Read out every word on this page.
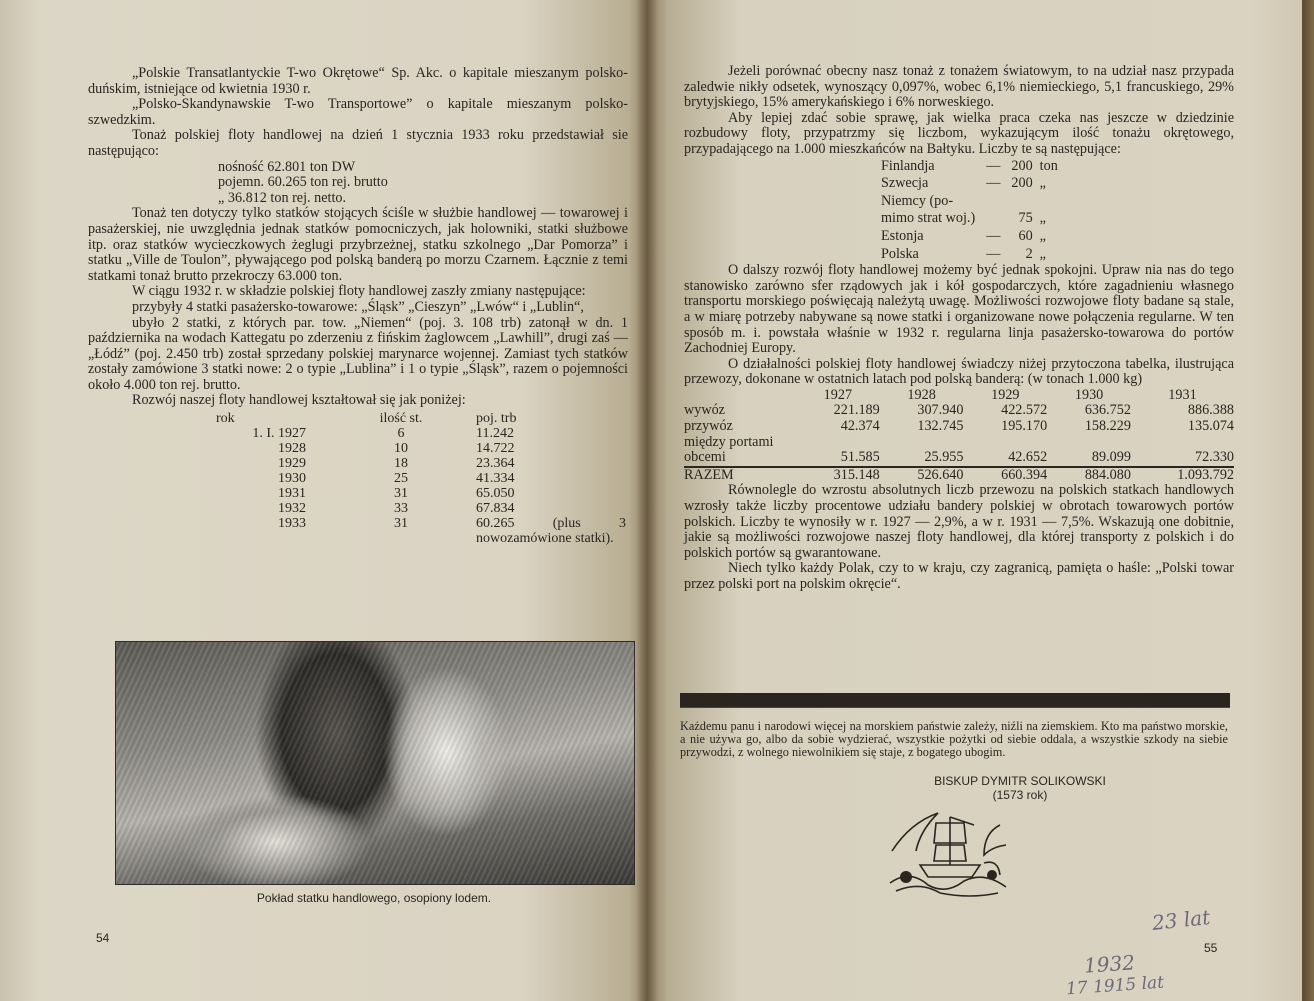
„Polskie Transatlantyckie T-wo Okrętowe“ Sp. Akc. o kapitale mieszanym polsko-duńskim, istniejące od kwietnia 1930 r.

„Polsko-Skandynawskie T-wo Transportowe” o kapitale mieszanym polsko-szwedzkim.

Tonaż polskiej floty handlowej na dzień 1 stycznia 1933 roku przedstawiał sie następująco:

nośność 62.801 ton DW
pojemn. 60.265 ton rej. brutto
„ 36.812 ton rej. netto.

Tonaż ten dotyczy tylko statków stojących ściśle w służbie handlowej — towarowej i pasażerskiej, nie uwzględnia jednak statków pomocniczych, jak holowniki, statki służbowe itp. oraz statków wycieczkowych żeglugi przybrzeżnej, statku szkolnego „Dar Pomorza” i statku „Ville de Toulon”, pływającego pod polską banderą po morzu Czarnem. Łącznie z temi statkami tonaż brutto przekroczy 63.000 ton.

W ciągu 1932 r. w składzie polskiej floty handlowej zaszły zmiany następujące:

przybyły 4 statki pasażersko-towarowe: „Śląsk” „Cieszyn” „Lwów“ i „Lublin“,

ubyło 2 statki, z których par. tow. „Niemen“ (poj. 3. 108 trb) zatonął w dn. 1 października na wodach Kattegatu po zderzeniu z fińskim żaglowcem „Lawhill”, drugi zaś — „Łódź” (poj. 2.450 trb) został sprzedany polskiej marynarce wojennej. Zamiast tych statków zostały zamówione 3 statki nowe: 2 o typie „Lublina” i 1 o typie „Śląsk”, razem o pojemności około 4.000 ton rej. brutto.

Rozwój naszej floty handlowej kształtował się jak poniżej:

rok	ilość st.	poj. trb
1. I. 1927	6	11.242
1928	10	14.722
1929	18	23.364
1930	25	41.334
1931	31	65.050
1932	33	67.834
1933	31	60.265 (plus 3 nowozamówione statki).
Pokład statku handlowego, osopiony lodem.
54

Jeżeli porównać obecny nasz tonaż z tonażem światowym, to na udział nasz przypada zaledwie nikły odsetek, wynoszący 0,097%, wobec 6,1% niemieckiego, 5,1 francuskiego, 29% brytyjskiego, 15% amerykańskiego i 6% norweskiego.

Aby lepiej zdać sobie sprawę, jak wielka praca czeka nas jeszcze w dziedzinie rozbudowy floty, przypatrzmy się liczbom, wykazującym ilość tonażu okrętowego, przypadającego na 1.000 mieszkańców na Bałtyku. Liczby te są następujące:

Finlandja	—	200	ton
Szwecja	—	200	„
Niemcy (po-			
mimo strat woj.)		75	„
Estonja	—	60	„
Polska	—	2	„

O dalszy rozwój floty handlowej możemy być jednak spokojni. Upraw nia nas do tego stanowisko zarówno sfer rządowych jak i kół gospodarczych, które zagadnieniu własnego transportu morskiego poświęcają należytą uwagę. Możliwości rozwojowe floty badane są stale, a w miarę potrzeby nabywane są nowe statki i organizowane nowe połączenia regularne. W ten sposób m. i. powstała właśnie w 1932 r. regularna linja pasażersko-towarowa do portów Zachodniej Europy.

O działalności polskiej floty handlowej świadczy niżej przytoczona tabelka, ilustrująca przewozy, dokonane w ostatnich latach pod polską banderą: (w tonach 1.000 kg)

	1927	1928	1929	1930	1931
wywóz	221.189	307.940	422.572	636.752	886.388
przywóz	42.374	132.745	195.170	158.229	135.074
między portami					
obcemi	51.585	25.955	42.652	89.099	72.330
RAZEM	315.148	526.640	660.394	884.080	1.093.792

Równolegle do wzrostu absolutnych liczb przewozu na polskich statkach handlowych wzrosły także liczby procentowe udziału bandery polskiej w obrotach towarowych portów polskich. Liczby te wynosiły w r. 1927 — 2,9%, a w r. 1931 — 7,5%. Wskazują one dobitnie, jakie są możliwości rozwojowe naszej floty handlowej, dla której transporty z polskich i do polskich portów są gwarantowane.

Niech tylko każdy Polak, czy to w kraju, czy zagranicą, pamięta o haśle: „Polski towar przez polski port na polskim okręcie“.

Każdemu panu i narodowi więcej na morskiem państwie zależy, niźli na ziemskiem. Kto ma państwo morskie, a nie używa go, albo da sobie wydzierać, wszystkie pożytki od siebie oddala, a wszystkie szkody na siebie przywodzi, z wolnego niewolnikiem się staje, z bogatego ubogim.
BISKUP DYMITR SOLIKOWSKI
(1573 rok)
55
23 lat
1932
17 1915 lat
